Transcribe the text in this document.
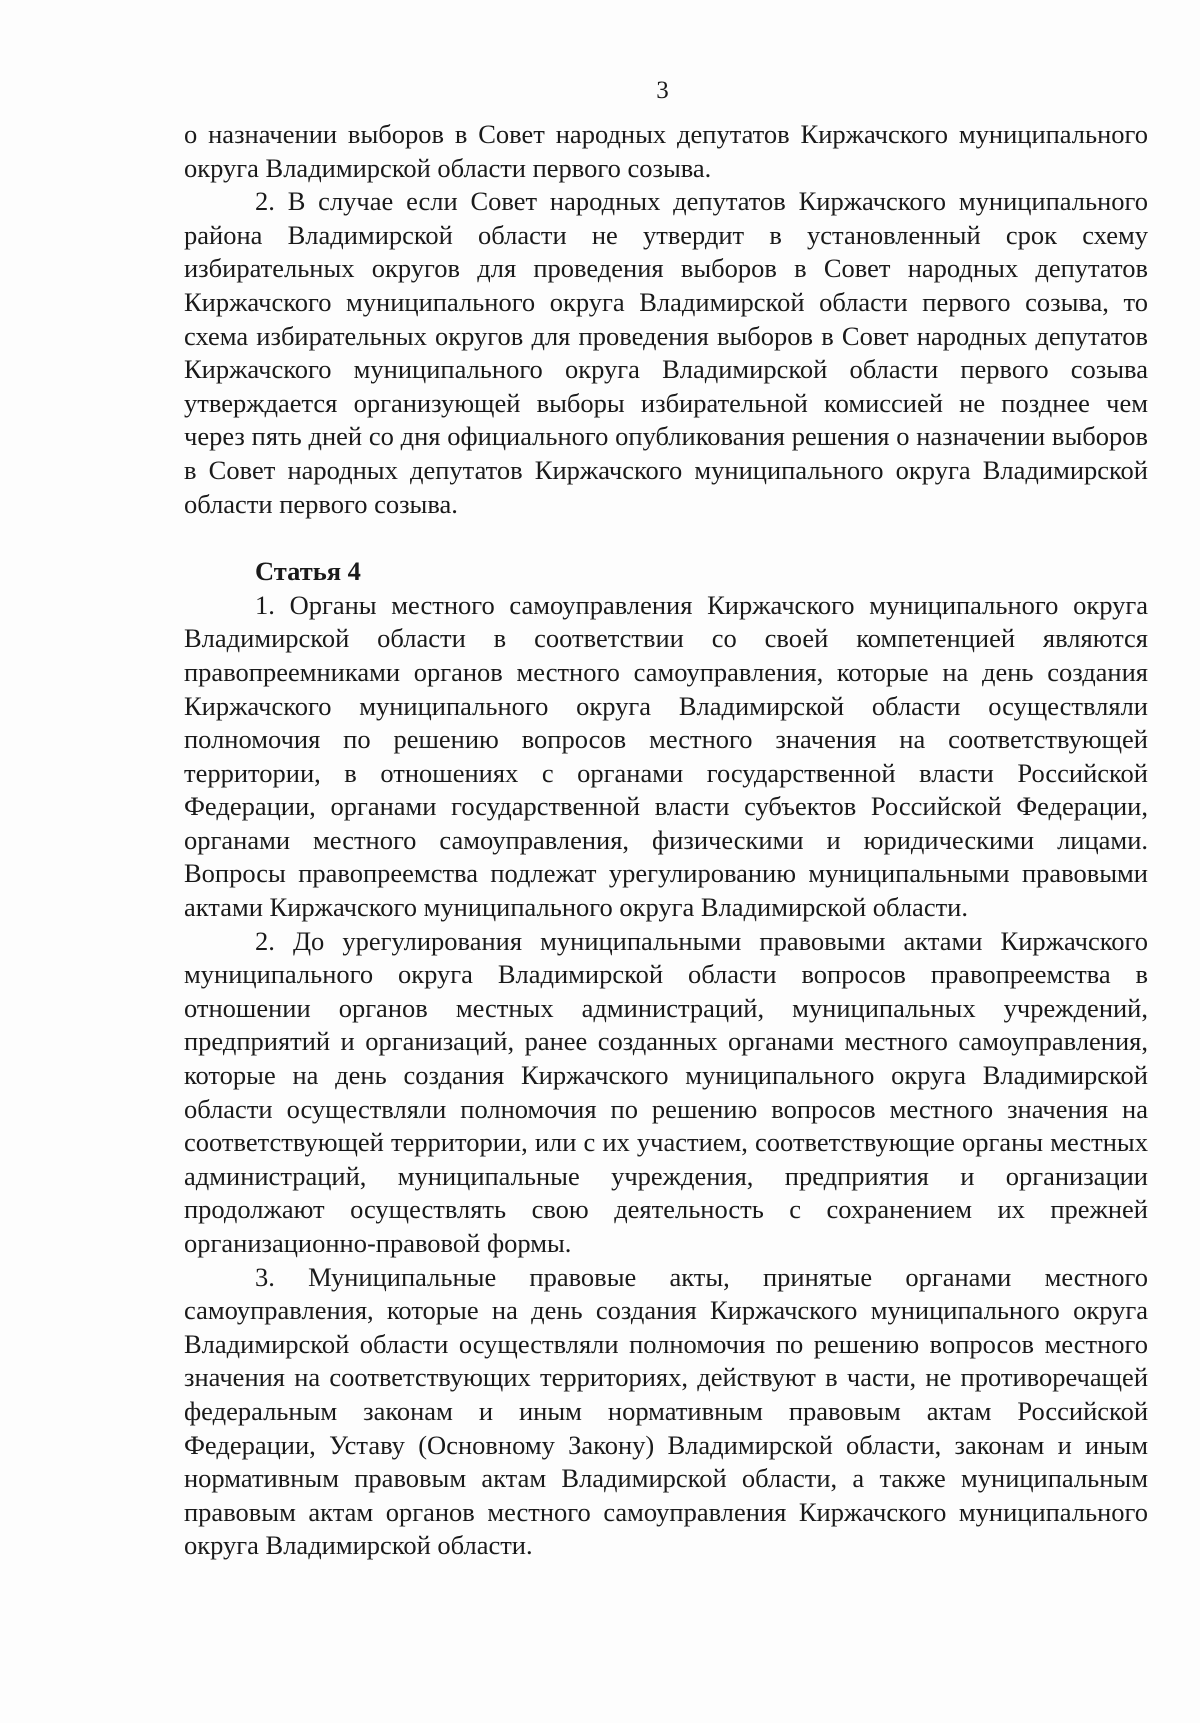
3

о назначении выборов в Совет народных депутатов Киржачского муниципального округа Владимирской области первого созыва.

2. В случае если Совет народных депутатов Киржачского муниципального района Владимирской области не утвердит в установленный срок схему избирательных округов для проведения выборов в Совет народных депутатов Киржачского муниципального округа Владимирской области первого созыва, то схема избирательных округов для проведения выборов в Совет народных депутатов Киржачского муниципального округа Владимирской области первого созыва утверждается организующей выборы избирательной комиссией не позднее чем через пять дней со дня официального опубликования решения о назначении выборов в Совет народных депутатов Киржачского муниципального округа Владимирской области первого созыва.

Статья 4

1. Органы местного самоуправления Киржачского муниципального округа Владимирской области в соответствии со своей компетенцией являются правопреемниками органов местного самоуправления, которые на день создания Киржачского муниципального округа Владимирской области осуществляли полномочия по решению вопросов местного значения на соответствующей территории, в отношениях с органами государственной власти Российской Федерации, органами государственной власти субъектов Российской Федерации, органами местного самоуправления, физическими и юридическими лицами. Вопросы правопреемства подлежат урегулированию муниципальными правовыми актами Киржачского муниципального округа Владимирской области.

2. До урегулирования муниципальными правовыми актами Киржачского муниципального округа Владимирской области вопросов правопреемства в отношении органов местных администраций, муниципальных учреждений, предприятий и организаций, ранее созданных органами местного самоуправления, которые на день создания Киржачского муниципального округа Владимирской области осуществляли полномочия по решению вопросов местного значения на соответствующей территории, или с их участием, соответствующие органы местных администраций, муниципальные учреждения, предприятия и организации продолжают осуществлять свою деятельность с сохранением их прежней организационно-правовой формы.

3. Муниципальные правовые акты, принятые органами местного самоуправления, которые на день создания Киржачского муниципального округа Владимирской области осуществляли полномочия по решению вопросов местного значения на соответствующих территориях, действуют в части, не противоречащей федеральным законам и иным нормативным правовым актам Российской Федерации, Уставу (Основному Закону) Владимирской области, законам и иным нормативным правовым актам Владимирской области, а также муниципальным правовым актам органов местного самоуправления Киржачского муниципального округа Владимирской области.
